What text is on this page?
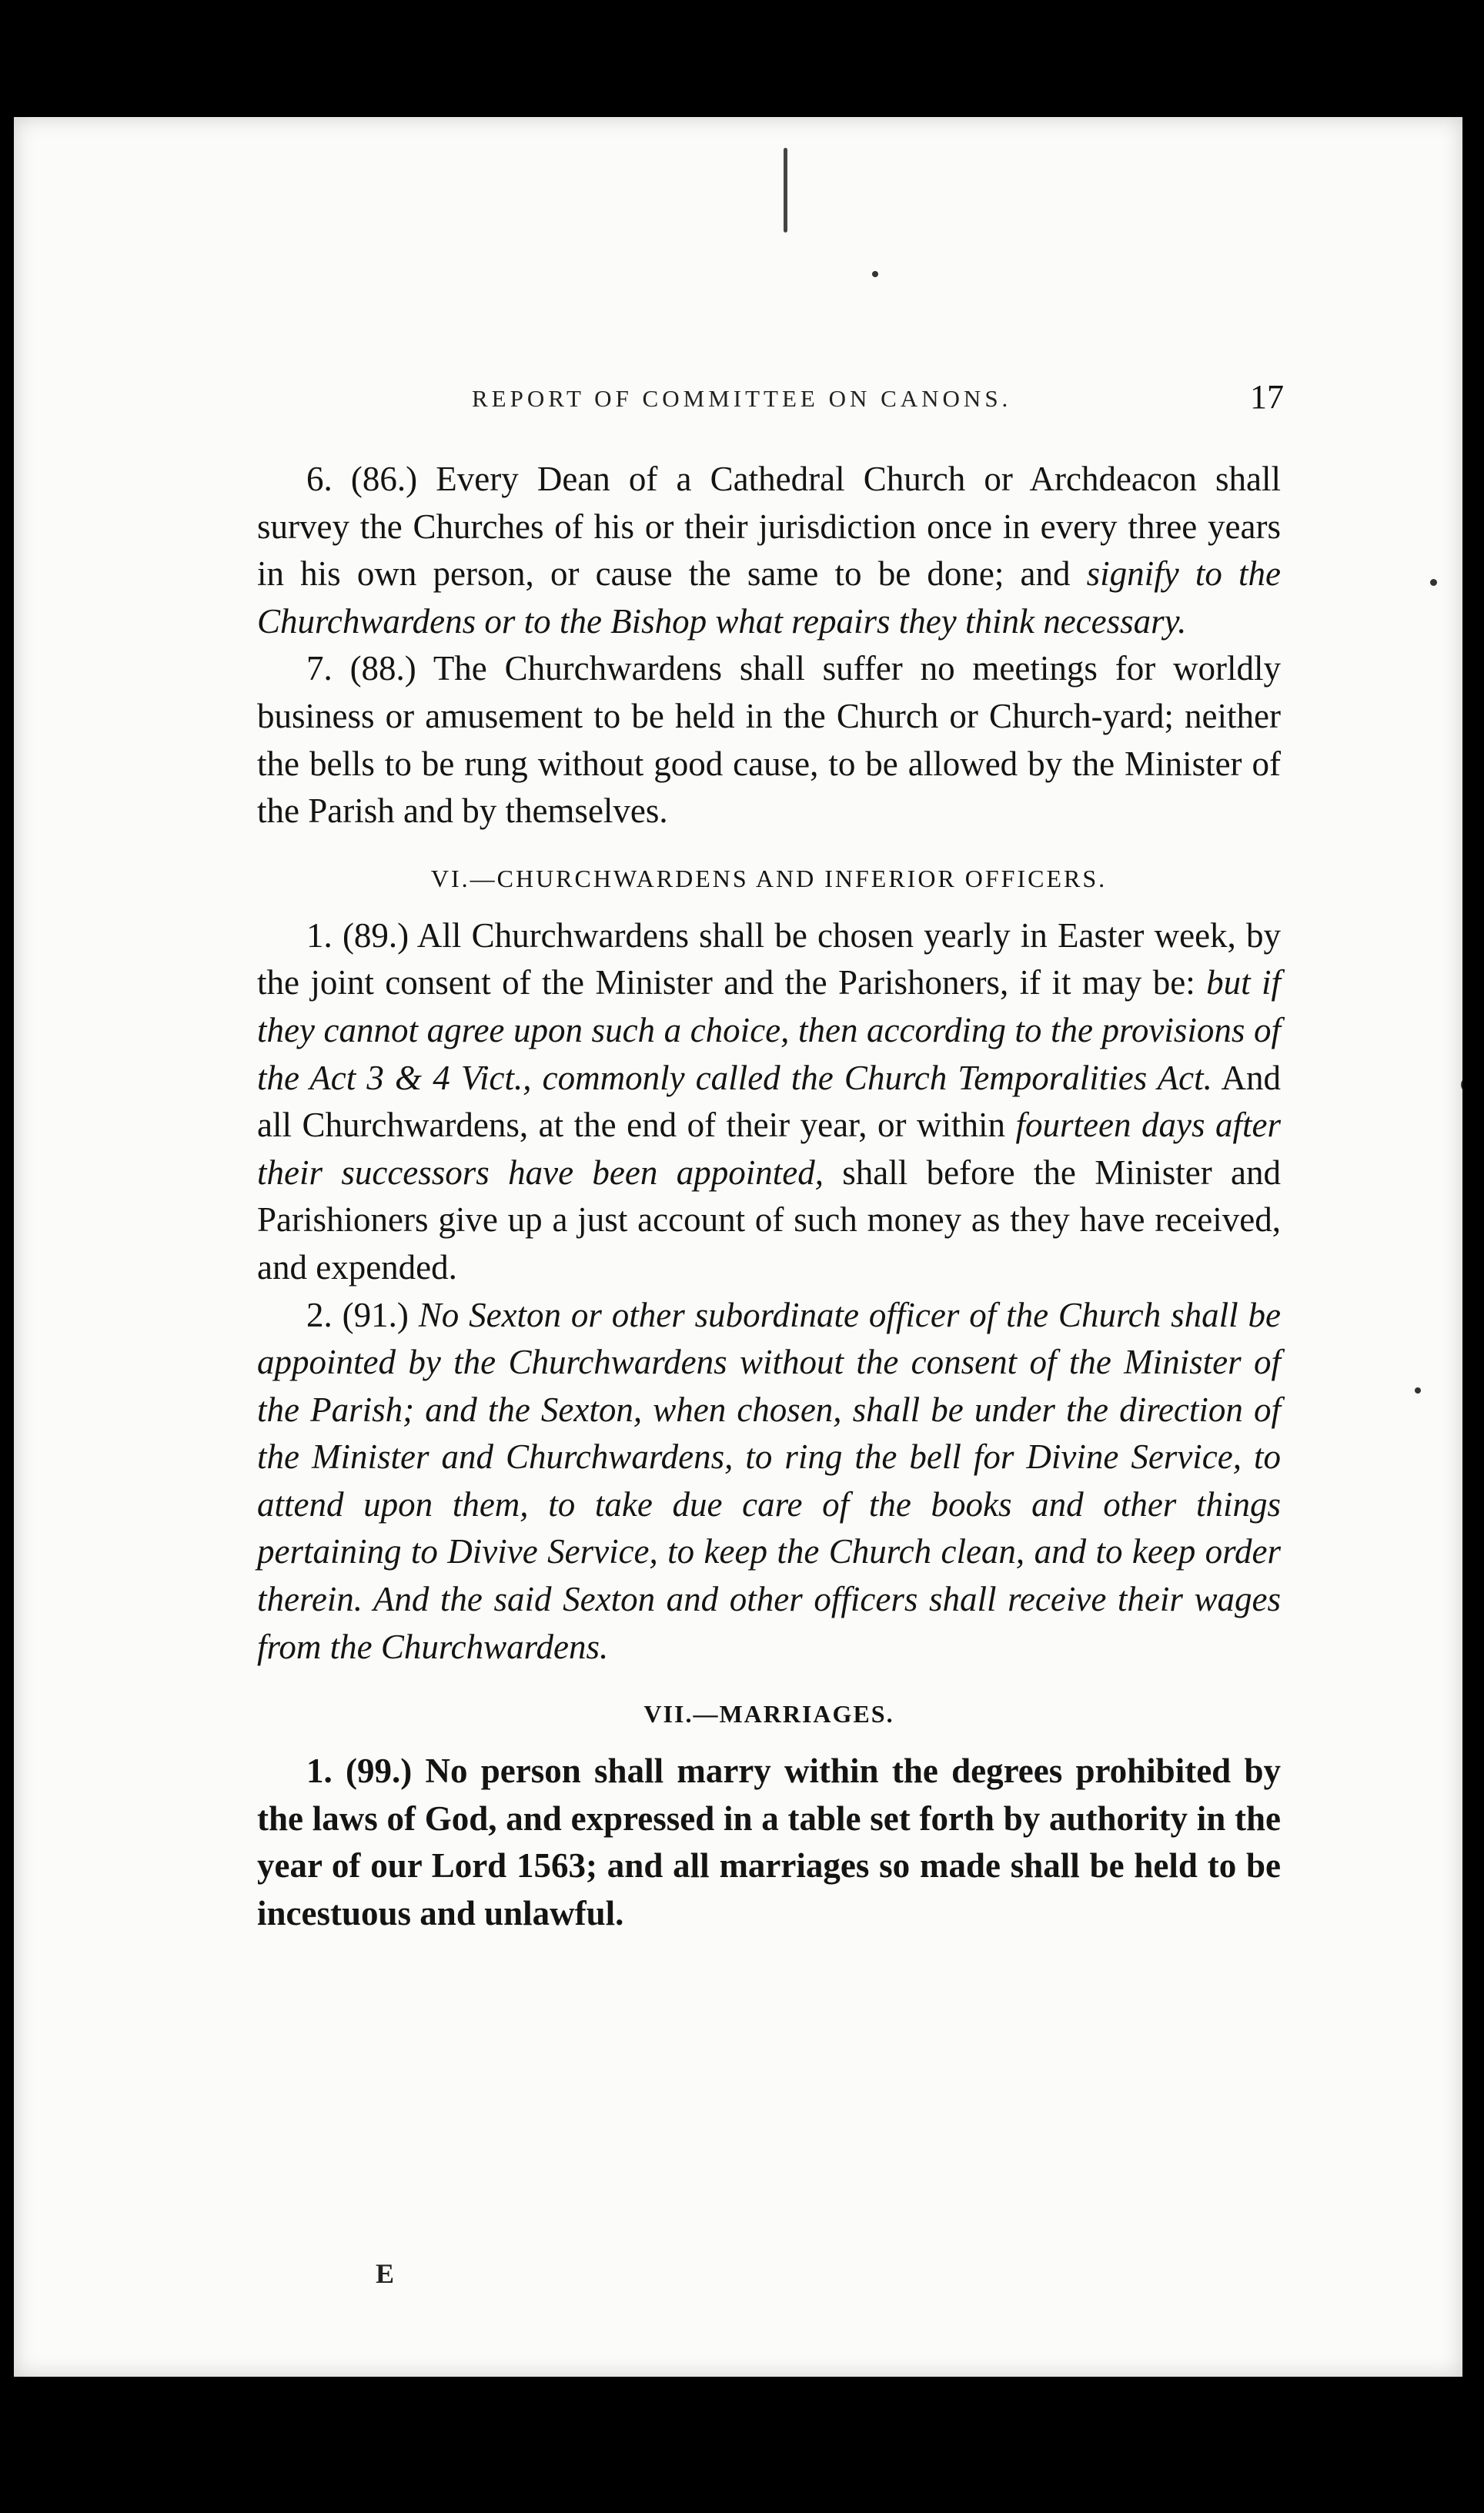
REPORT OF COMMITTEE ON CANONS.	17

6. (86.) Every Dean of a Cathedral Church or Archdeacon shall survey the Churches of his or their jurisdiction once in every three years in his own person, or cause the same to be done; and signify to the Churchwardens or to the Bishop what repairs they think necessary.

7. (88.) The Churchwardens shall suffer no meetings for worldly business or amusement to be held in the Church or Church-yard; neither the bells to be rung without good cause, to be allowed by the Minister of the Parish and by themselves.

VI.—CHURCHWARDENS AND INFERIOR OFFICERS.

1. (89.) All Churchwardens shall be chosen yearly in Easter week, by the joint consent of the Minister and the Parishoners, if it may be: but if they cannot agree upon such a choice, then according to the provisions of the Act 3 & 4 Vict., commonly called the Church Temporalities Act. And all Churchwardens, at the end of their year, or within fourteen days after their successors have been appointed, shall before the Minister and Parishioners give up a just account of such money as they have received, and expended.

2. (91.) No Sexton or other subordinate officer of the Church shall be appointed by the Churchwardens without the consent of the Minister of the Parish; and the Sexton, when chosen, shall be under the direction of the Minister and Churchwardens, to ring the bell for Divine Service, to attend upon them, to take due care of the books and other things pertaining to Divive Service, to keep the Church clean, and to keep order therein. And the said Sexton and other officers shall receive their wages from the Churchwardens.

VII.—MARRIAGES.

1. (99.) No person shall marry within the degrees prohibited by the laws of God, and expressed in a table set forth by authority in the year of our Lord 1563; and all marriages so made shall be held to be incestuous and unlawful.

E
